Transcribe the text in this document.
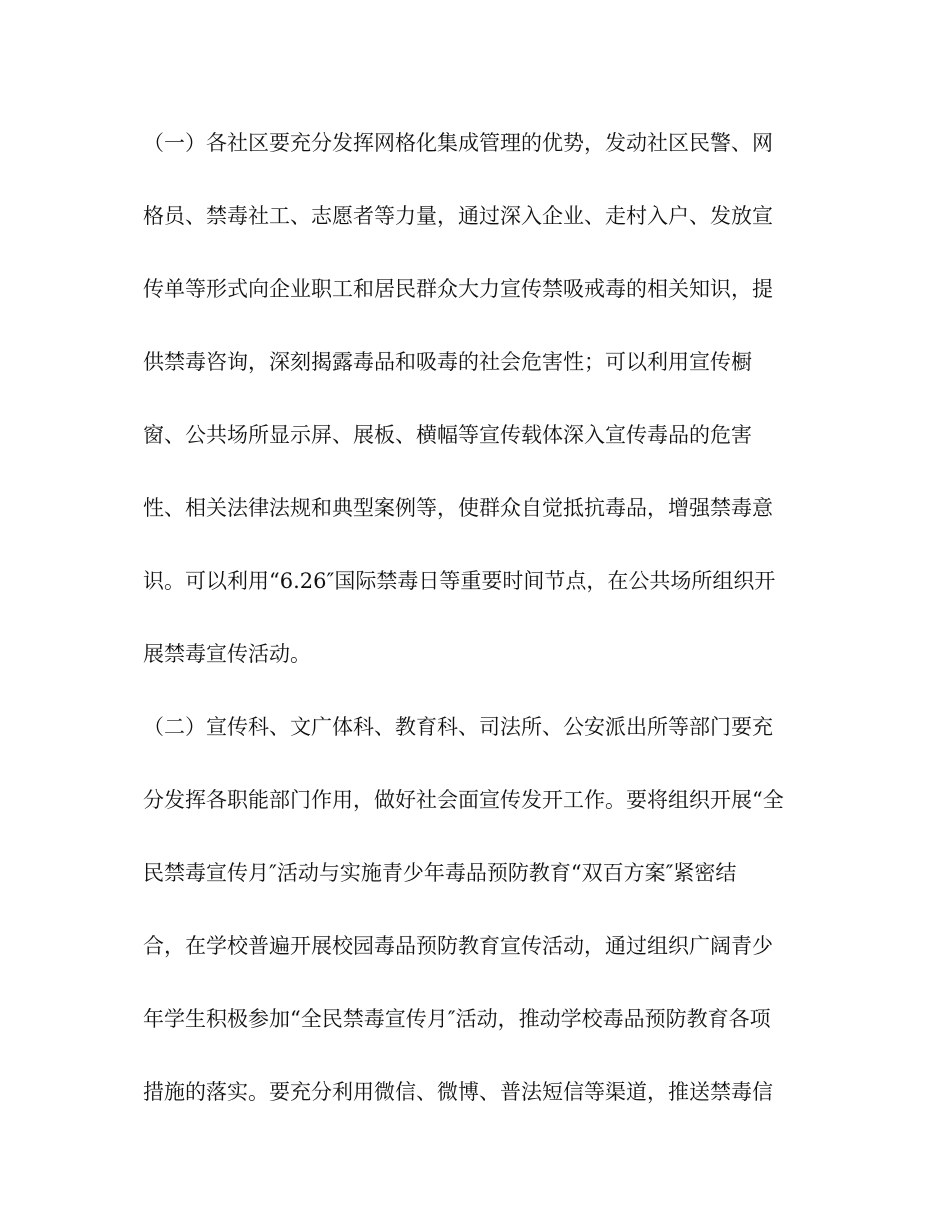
（一）各社区要充分发挥网格化集成管理的优势，发动社区民警、网
格员、禁毒社工、志愿者等力量，通过深入企业、走村入户、发放宣
传单等形式向企业职工和居民群众大力宣传禁吸戒毒的相关知识，提
供禁毒咨询，深刻揭露毒品和吸毒的社会危害性；可以利用宣传橱
窗、公共场所显示屏、展板、横幅等宣传载体深入宣传毒品的危害
性、相关法律法规和典型案例等，使群众自觉抵抗毒品，增强禁毒意
识。可以利用“6.26″国际禁毒日等重要时间节点，在公共场所组织开
展禁毒宣传活动。
（二）宣传科、文广体科、教育科、司法所、公安派出所等部门要充
分发挥各职能部门作用，做好社会面宣传发开工作。要将组织开展“全
民禁毒宣传月″活动与实施青少年毒品预防教育“双百方案″紧密结
合，在学校普遍开展校园毒品预防教育宣传活动，通过组织广阔青少
年学生积极参加“全民禁毒宣传月″活动，推动学校毒品预防教育各项
措施的落实。要充分利用微信、微博、普法短信等渠道，推送禁毒信
